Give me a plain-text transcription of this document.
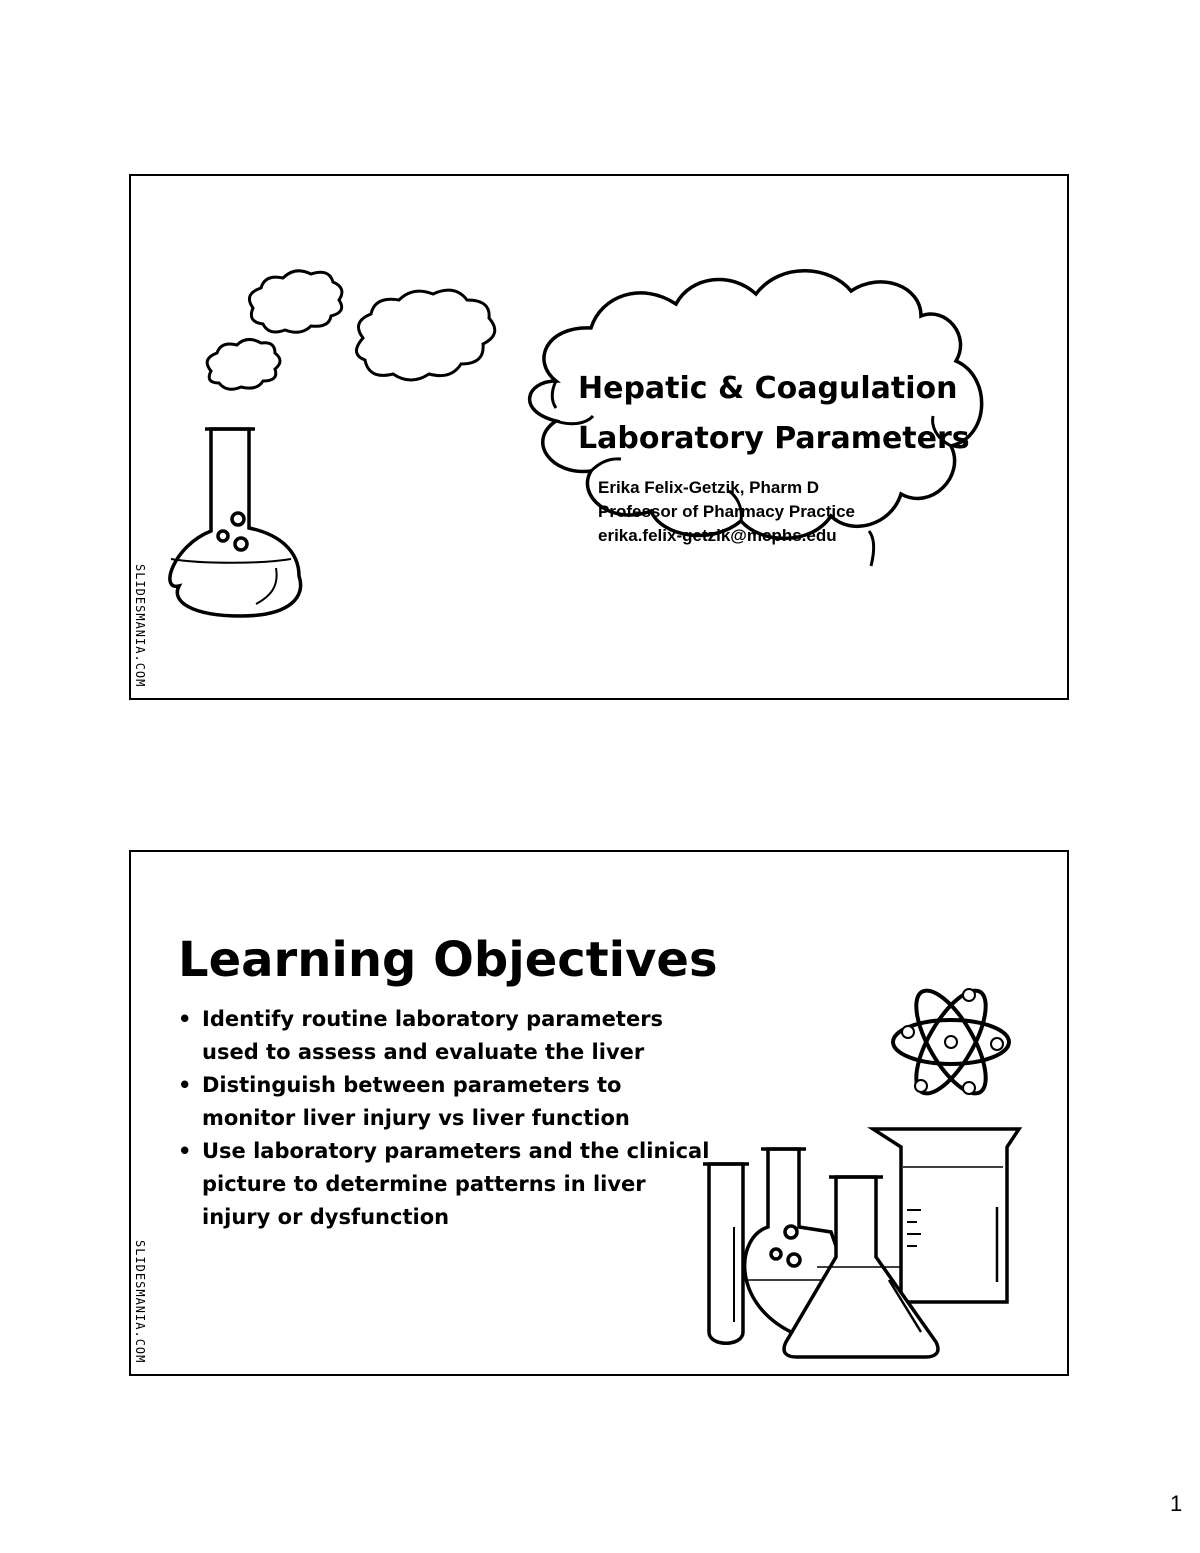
SLIDESMANIA.COM
Hepatic & Coagulation
Laboratory Parameters
Erika Felix-Getzik, Pharm D
Professor of Pharmacy Practice
erika.felix-getzik@mcphs.edu
SLIDESMANIA.COM
Learning Objectives
• Identify routine laboratory parameters used to assess and evaluate the liver
• Distinguish between parameters to monitor liver injury vs liver function
• Use laboratory parameters and the clinical picture to determine patterns in liver injury or dysfunction
1
